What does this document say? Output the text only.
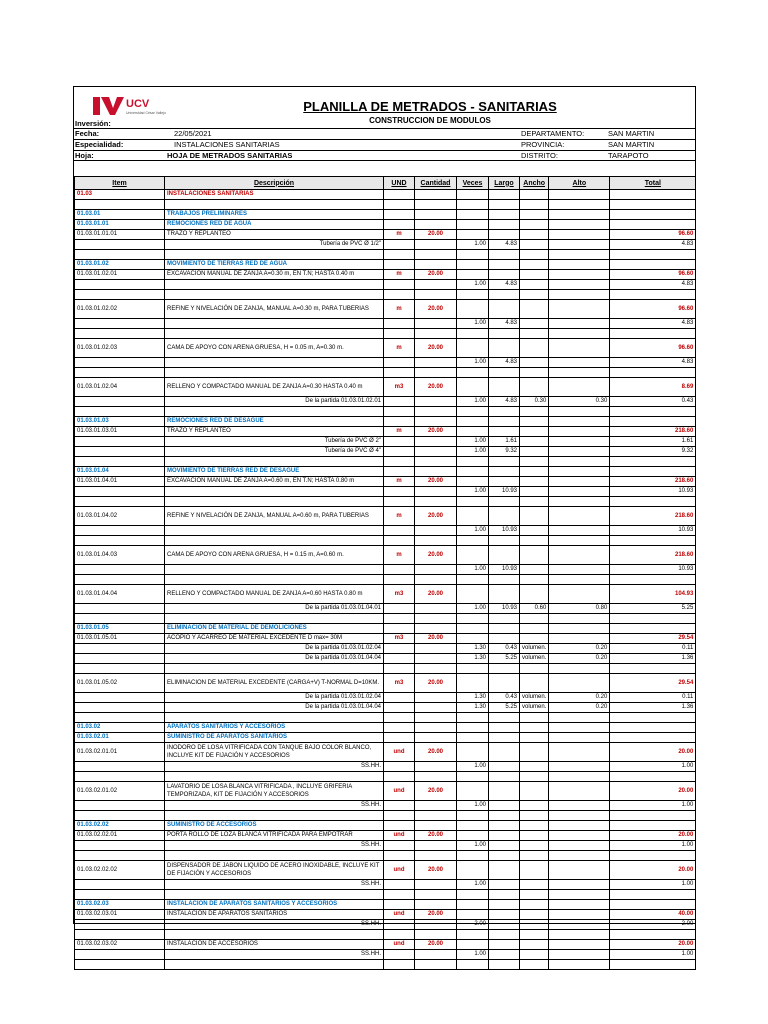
UCV
Universidad César Vallejo	PLANILLA DE METRADOS - SANITARIAS
CONSTRUCCION DE MODULOS
Inversión:
Fecha:	22/05/2021
Especialidad:	INSTALACIONES SANITARIAS
Hoja:	HOJA DE METRADOS SANITARIAS
DEPARTAMENTO:	SAN MARTIN
PROVINCIA:	SAN MARTIN
DISTRITO:	TARAPOTO
Item	Descripción	UND	Cantidad	Veces	Largo	Ancho	Alto	Total
01.03	INSTALACIONES SANITARIAS							

01.03.01	TRABAJOS PRELIMINARES							
01.03.01.01	REMOCIONES RED DE AGUA							
01.03.01.01.01	TRAZO Y REPLANTEO	m	20.00					96.60
	Tubería de PVC Ø 1/2"			1.00	4.83			4.83

01.03.01.02	MOVIMIENTO DE TIERRAS RED DE AGUA							
01.03.01.02.01	EXCAVACIÓN MANUAL DE ZANJA A=0.30 m, EN T.N; HASTA 0.40 m	m	20.00					96.60
				1.00	4.83			4.83

01.03.01.02.02	REFINE Y NIVELACIÓN DE ZANJA, MANUAL A=0.30 m, PARA TUBERIAS	m	20.00					96.60
				1.00	4.83			4.83

01.03.01.02.03	CAMA DE APOYO CON ARENA GRUESA, H = 0.05 m, A=0.30 m.	m	20.00					96.60
				1.00	4.83			4.83

01.03.01.02.04	RELLENO Y COMPACTADO MANUAL DE ZANJA A=0.30 HASTA 0.40 m	m3	20.00					8.69
	De la partida 01.03.01.02.01			1.00	4.83	0.30	0.30	0.43

01.03.01.03	REMOCIONES RED DE DESAGUE							
01.03.01.03.01	TRAZO Y REPLANTEO	m	20.00					218.60
	Tubería de PVC Ø 2"			1.00	1.61			1.61
	Tubería de PVC Ø 4"			1.00	9.32			9.32

01.03.01.04	MOVIMIENTO DE TIERRAS RED DE DESAGUE							
01.03.01.04.01	EXCAVACIÓN MANUAL DE ZANJA A=0.60 m, EN T.N; HASTA 0.80 m	m	20.00					218.60
				1.00	10.93			10.93

01.03.01.04.02	REFINE Y NIVELACIÓN DE ZANJA, MANUAL A=0.60 m, PARA TUBERIAS	m	20.00					218.60
				1.00	10.93			10.93

01.03.01.04.03	CAMA DE APOYO CON ARENA GRUESA, H = 0.15 m, A=0.60 m.	m	20.00					218.60
				1.00	10.93			10.93

01.03.01.04.04	RELLENO Y COMPACTADO MANUAL DE ZANJA A=0.60 HASTA 0.80 m	m3	20.00					104.93
	De la partida 01.03.01.04.01			1.00	10.93	0.60	0.80	5.25

01.03.01.05	ELIMINACION DE MATERIAL DE DEMOLICIONES							
01.03.01.05.01	ACOPIO Y ACARREO DE MATERIAL EXCEDENTE D max= 30M	m3	20.00					29.54
	De la partida 01.03.01.02.04			1.30	0.43	volumen.	0.20	0.11
	De la partida 01.03.01.04.04			1.30	5.25	volumen.	0.20	1.36

01.03.01.05.02	ELIMINACION DE MATERIAL EXCEDENTE (CARGA+V) T-NORMAL D=10KM.	m3	20.00					29.54
	De la partida 01.03.01.02.04			1.30	0.43	volumen.	0.20	0.11
	De la partida 01.03.01.04.04			1.30	5.25	volumen.	0.20	1.36

01.03.02	APARATOS SANITARIOS Y ACCESORIOS							
01.03.02.01	SUMINISTRO DE APARATOS SANITARIOS							
01.03.02.01.01	INODORO DE LOSA VITRIFICADA CON TANQUE BAJO COLOR BLANCO, INCLUYE KIT DE FIJACIÓN Y ACCESORIOS	und	20.00					20.00
	SS.HH.			1.00				1.00

01.03.02.01.02	LAVATORIO DE LOSA BLANCA VITRIFICADA , INCLUYE GRIFERIA TEMPORIZADA, KIT DE FIJACIÓN Y ACCESORIOS	und	20.00					20.00
	SS.HH.			1.00				1.00

01.03.02.02	SUMINISTRO DE ACCESORIOS							
01.03.02.02.01	PORTA ROLLO DE LOZA BLANCA VITRIFICADA PARA EMPOTRAR	und	20.00					20.00
	SS.HH.			1.00				1.00

01.03.02.02.02	DISPENSADOR DE JABON LIQUIDO DE ACERO INOXIDABLE, INCLUYE KIT DE FIJACIÓN Y ACCESORIOS	und	20.00					20.00
	SS.HH.			1.00				1.00

01.03.02.03	INSTALACION DE APARATOS SANITARIOS Y ACCESORIOS							
01.03.02.03.01	INSTALACIÓN DE APARATOS SANITARIOS	und	20.00					40.00
	SS.HH.			2.00				2.00

01.03.02.03.02	INSTALACIÓN DE ACCESORIOS	und	20.00					20.00
	SS.HH.			1.00				1.00
